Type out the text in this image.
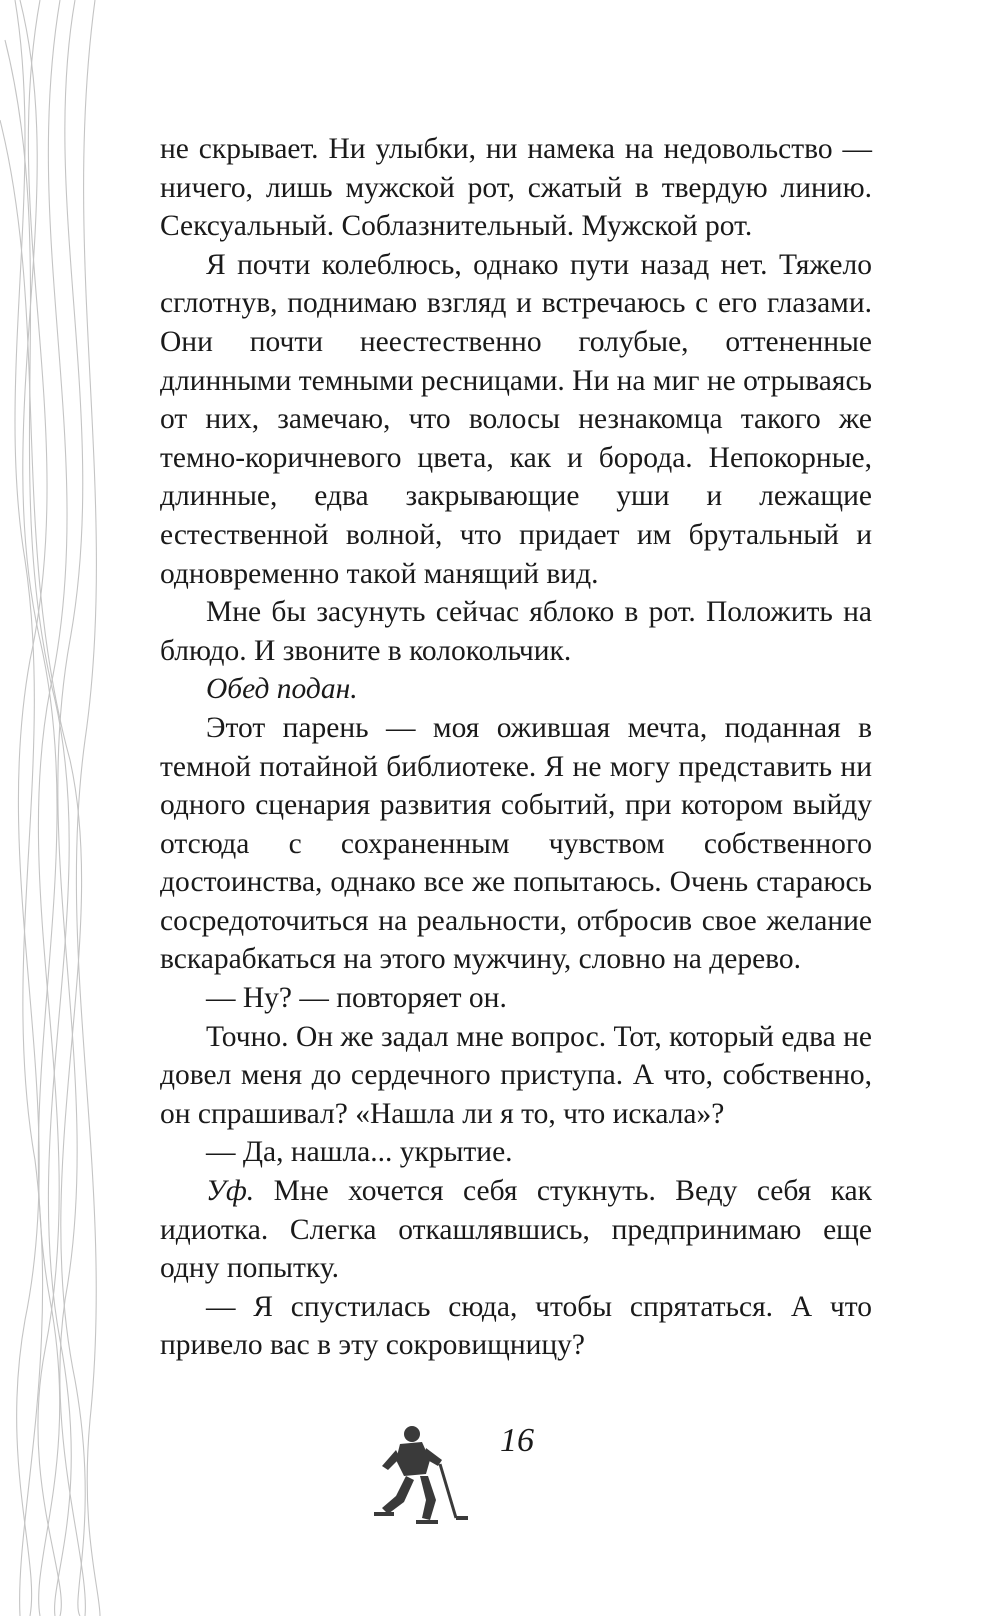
не скрывает. Ни улыбки, ни намека на недовольство — ничего, лишь мужской рот, сжатый в твердую линию. Сексуальный. Соблазнительный. Мужской рот.

Я почти колеблюсь, однако пути назад нет. Тяжело сглотнув, поднимаю взгляд и встречаюсь с его глазами. Они почти неестественно голубые, оттененные длинными темными ресницами. Ни на миг не отрываясь от них, замечаю, что волосы незнакомца такого же темно-коричневого цвета, как и борода. Непокорные, длинные, едва закрывающие уши и лежащие естественной волной, что придает им брутальный и одновременно такой манящий вид.

Мне бы засунуть сейчас яблоко в рот. Положить на блюдо. И звоните в колокольчик.

Обед подан.

Этот парень — моя ожившая мечта, поданная в темной потайной библиотеке. Я не могу представить ни одного сценария развития событий, при котором выйду отсюда с сохраненным чувством собственного достоинства, однако все же попытаюсь. Очень стараюсь сосредоточиться на реальности, отбросив свое желание вскарабкаться на этого мужчину, словно на дерево.

— Ну? — повторяет он.

Точно. Он же задал мне вопрос. Тот, который едва не довел меня до сердечного приступа. А что, собственно, он спрашивал? «Нашла ли я то, что искала»?

— Да, нашла... укрытие.

Уф. Мне хочется себя стукнуть. Веду себя как идиотка. Слегка откашлявшись, предпринимаю еще одну попытку.

— Я спустилась сюда, чтобы спрятаться. А что привело вас в эту сокровищницу?

16
